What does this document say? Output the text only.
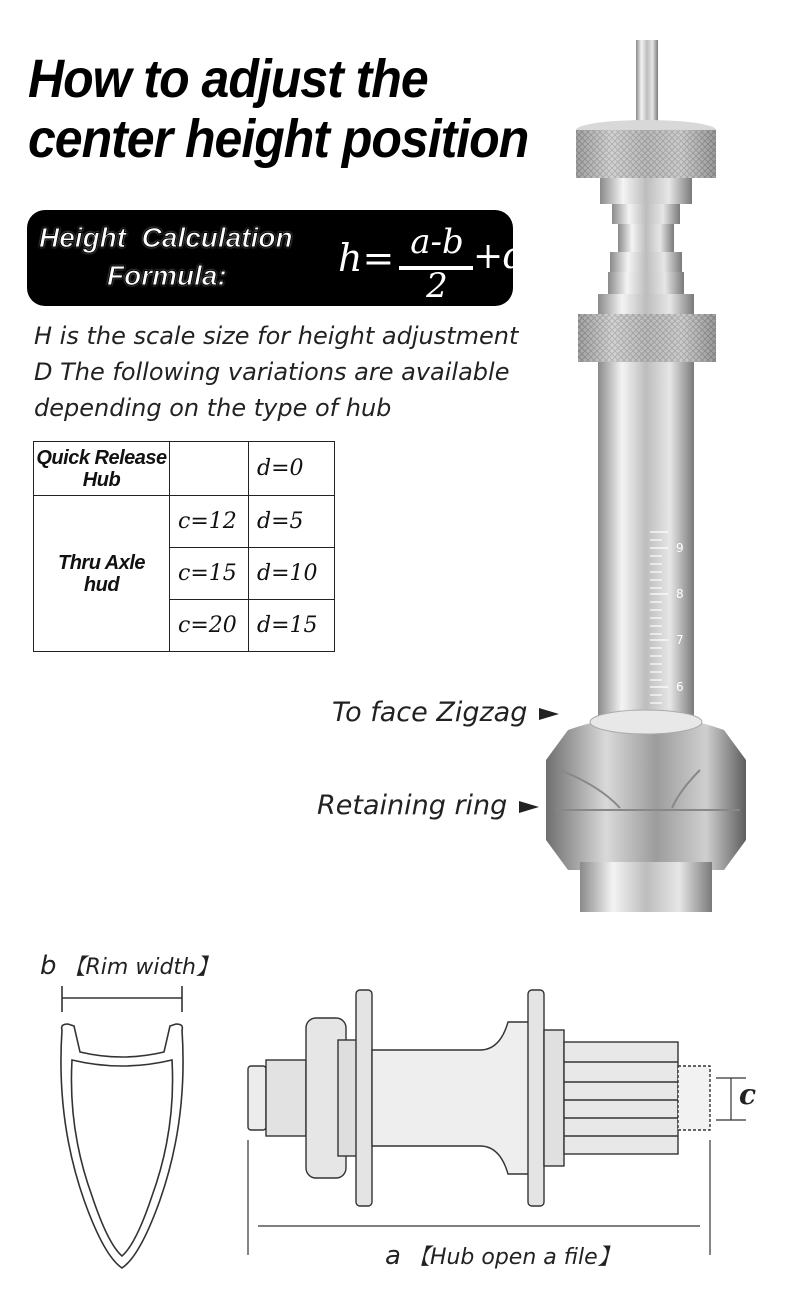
How to adjust the
center height position
Height  Calculation
Formula:	h= a-b
2
+d
H is the scale size for height adjustment
D The following variations are available
depending on the type of hub
Quick Release
Hub		d=0

Thru Axle
hud	c=12	d=5
	c=15	d=10
	c=20	d=15
9
8
7
6
To face Zigzag
Retaining ring
b 【Rim width】
c
a 【Hub open a file】
